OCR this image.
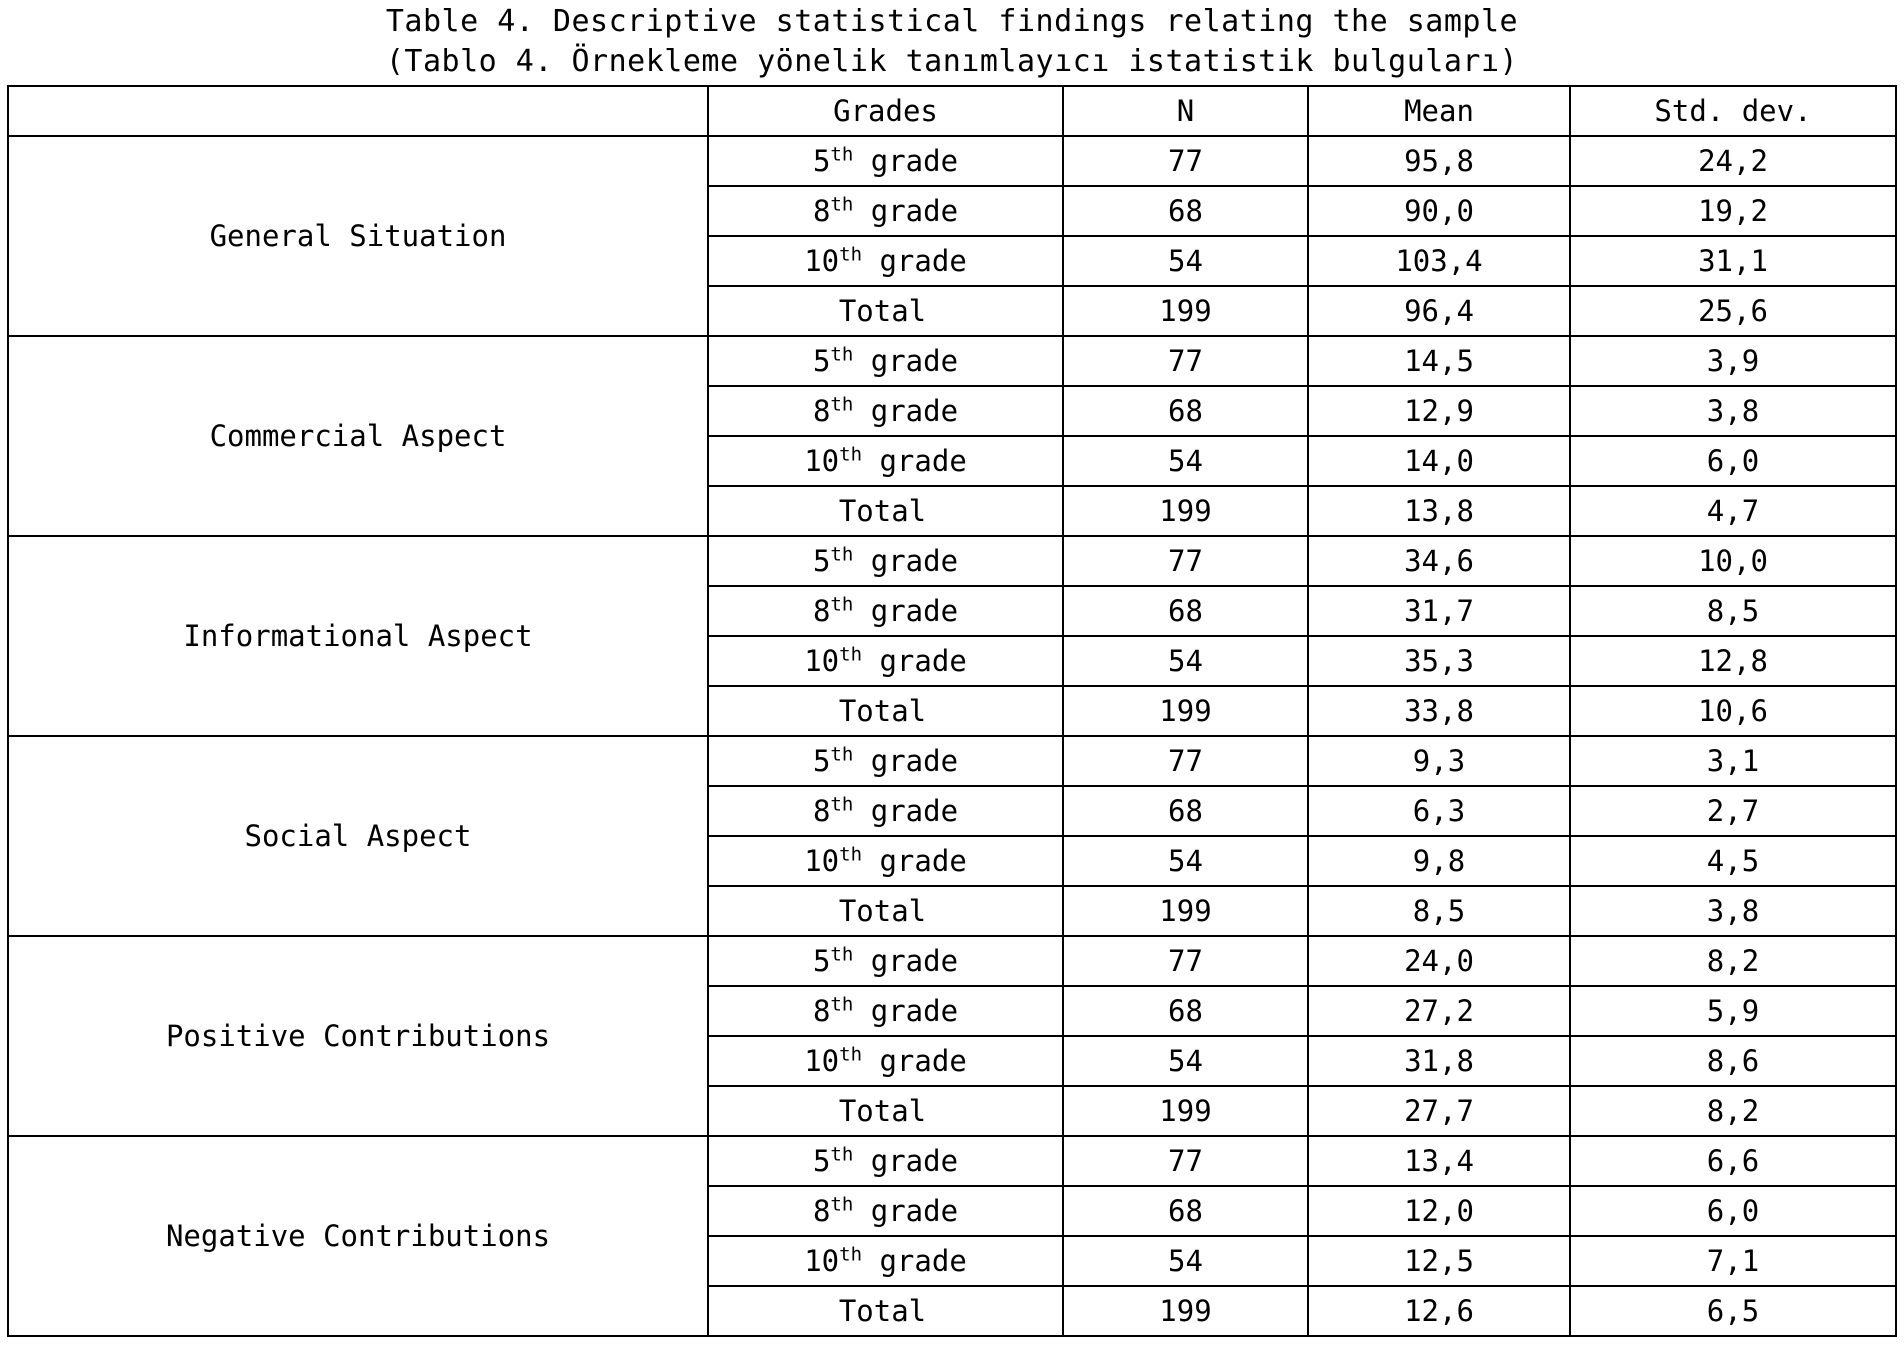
Table 4. Descriptive statistical findings relating the sample
(Tablo 4. Örnekleme yönelik tanımlayıcı istatistik bulguları)
	Grades	N	Mean	Std. dev.
General Situation	5th grade	77	95,8	24,2
	8th grade	68	90,0	19,2
	10th grade	54	103,4	31,1
	Total	199	96,4	25,6
Commercial Aspect	5th grade	77	14,5	3,9
	8th grade	68	12,9	3,8
	10th grade	54	14,0	6,0
	Total	199	13,8	4,7
Informational Aspect	5th grade	77	34,6	10,0
	8th grade	68	31,7	8,5
	10th grade	54	35,3	12,8
	Total	199	33,8	10,6
Social Aspect	5th grade	77	9,3	3,1
	8th grade	68	6,3	2,7
	10th grade	54	9,8	4,5
	Total	199	8,5	3,8
Positive Contributions	5th grade	77	24,0	8,2
	8th grade	68	27,2	5,9
	10th grade	54	31,8	8,6
	Total	199	27,7	8,2
Negative Contributions	5th grade	77	13,4	6,6
	8th grade	68	12,0	6,0
	10th grade	54	12,5	7,1
	Total	199	12,6	6,5
